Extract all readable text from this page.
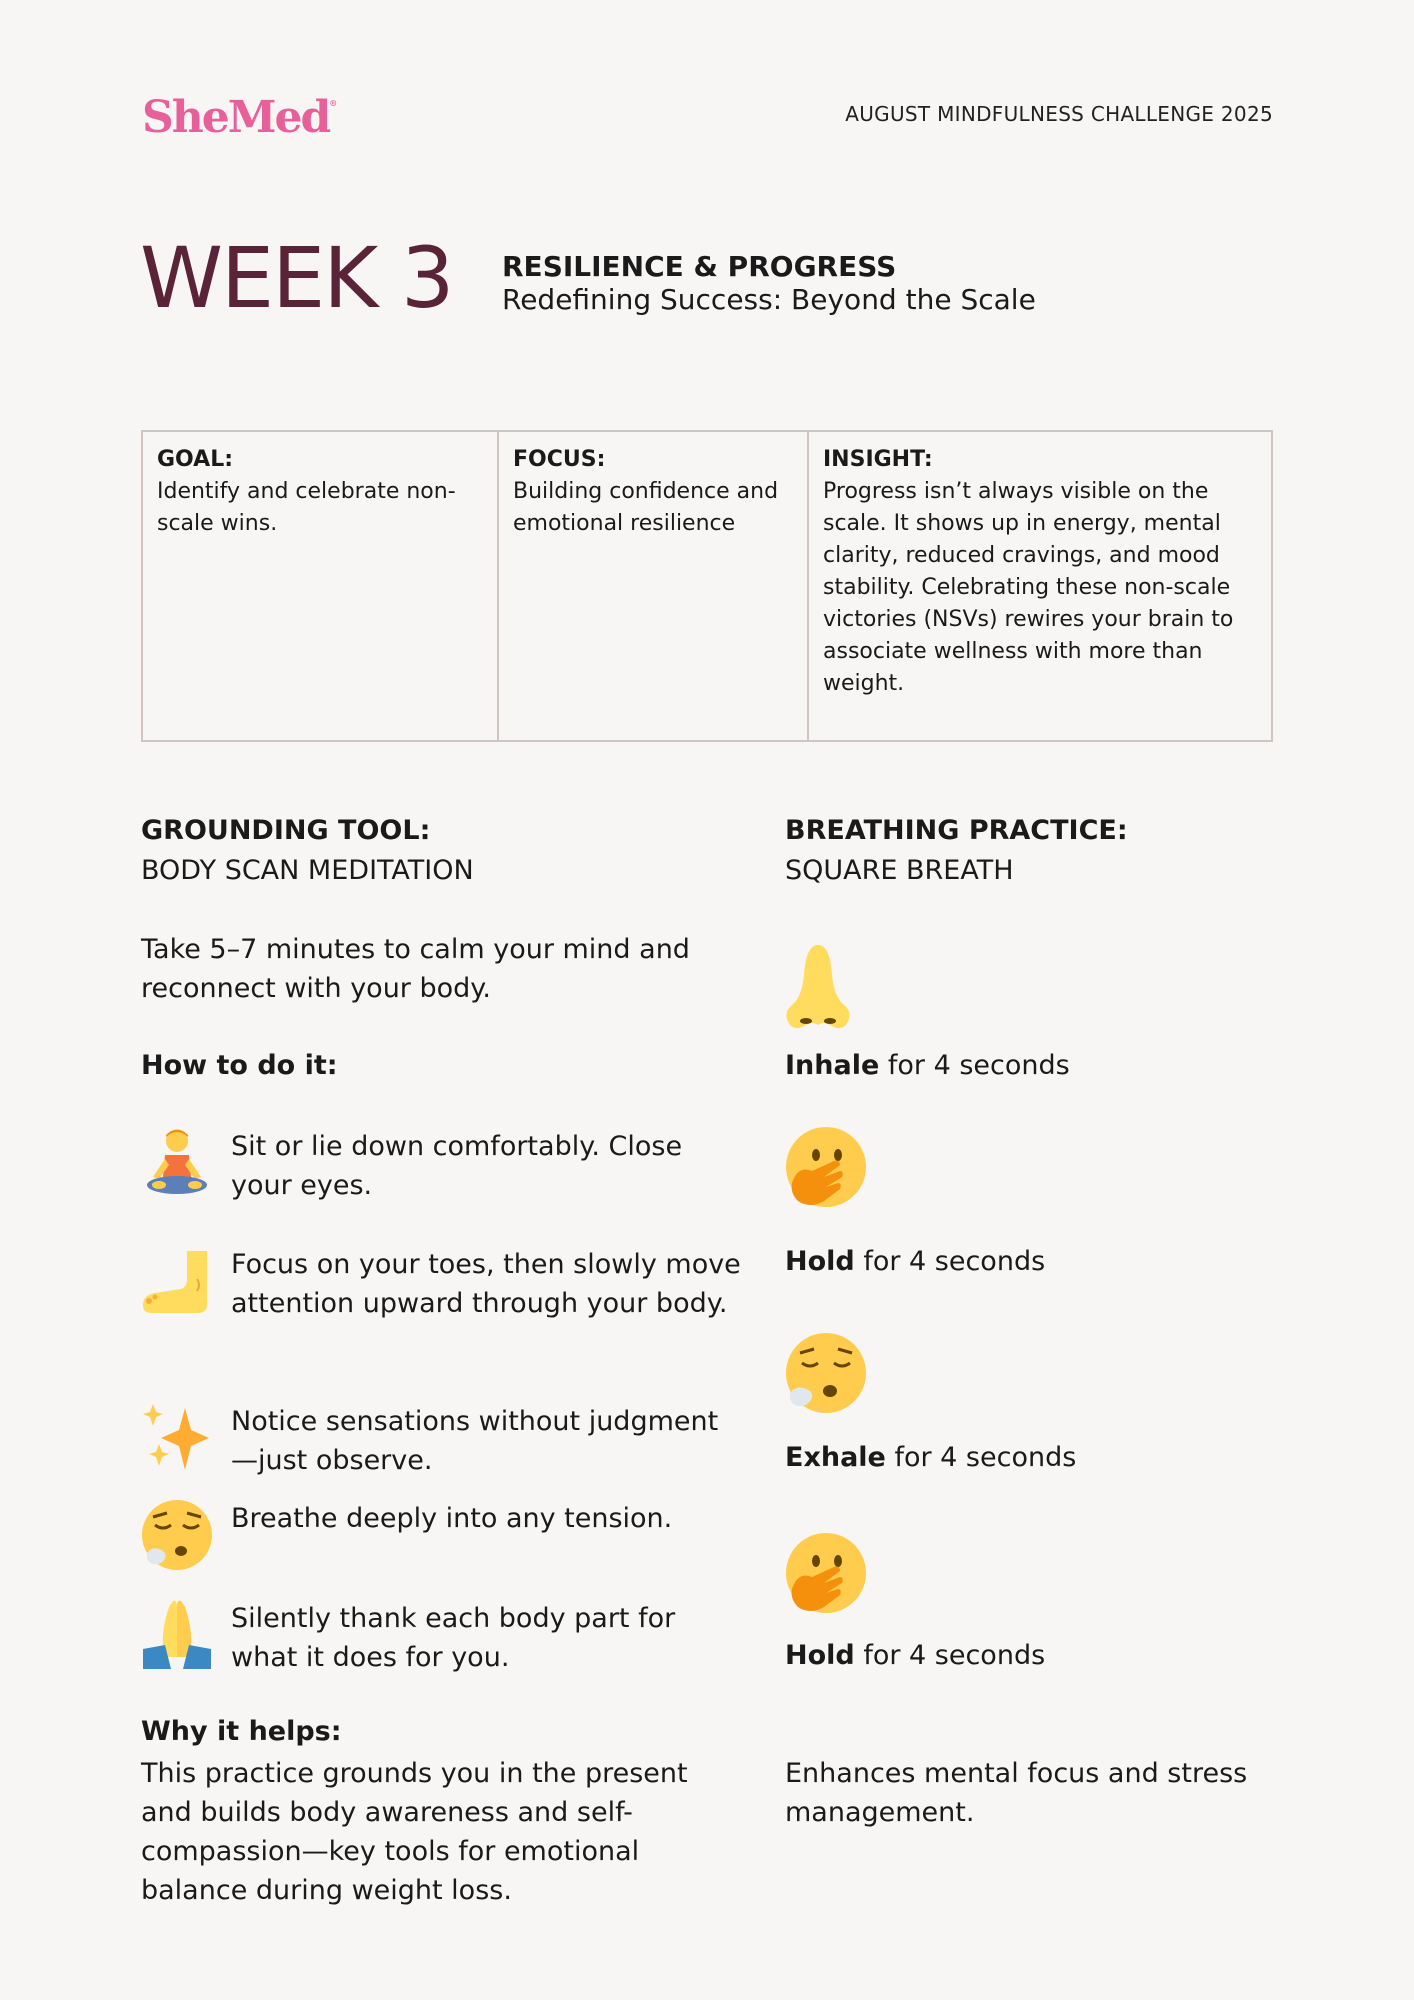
SheMed®	AUGUST MINDFULNESS CHALLENGE 2025
WEEK 3 RESILIENCE & PROGRESS
Redefining Success: Beyond the Scale
GOAL:
Identify and celebrate non-scale wins.
FOCUS:
Building confidence and emotional resilience
INSIGHT:
Progress isn’t always visible on the scale. It shows up in energy, mental clarity, reduced cravings, and mood stability. Celebrating these non-scale victories (NSVs) rewires your brain to associate wellness with more than weight.
GROUNDING TOOL:
BODY SCAN MEDITATION
Take 5–7 minutes to calm your mind and reconnect with your body.
How to do it:
Sit or lie down comfortably. Close your eyes.
Focus on your toes, then slowly move attention upward through your body.
Notice sensations without judgment—just observe.
Breathe deeply into any tension.
Silently thank each body part for what it does for you.
Why it helps:
This practice grounds you in the present and builds body awareness and self-compassion—key tools for emotional balance during weight loss.
BREATHING PRACTICE:
SQUARE BREATH
Inhale for 4 seconds
Hold for 4 seconds
Exhale for 4 seconds
Hold for 4 seconds
Enhances mental focus and stress management.
